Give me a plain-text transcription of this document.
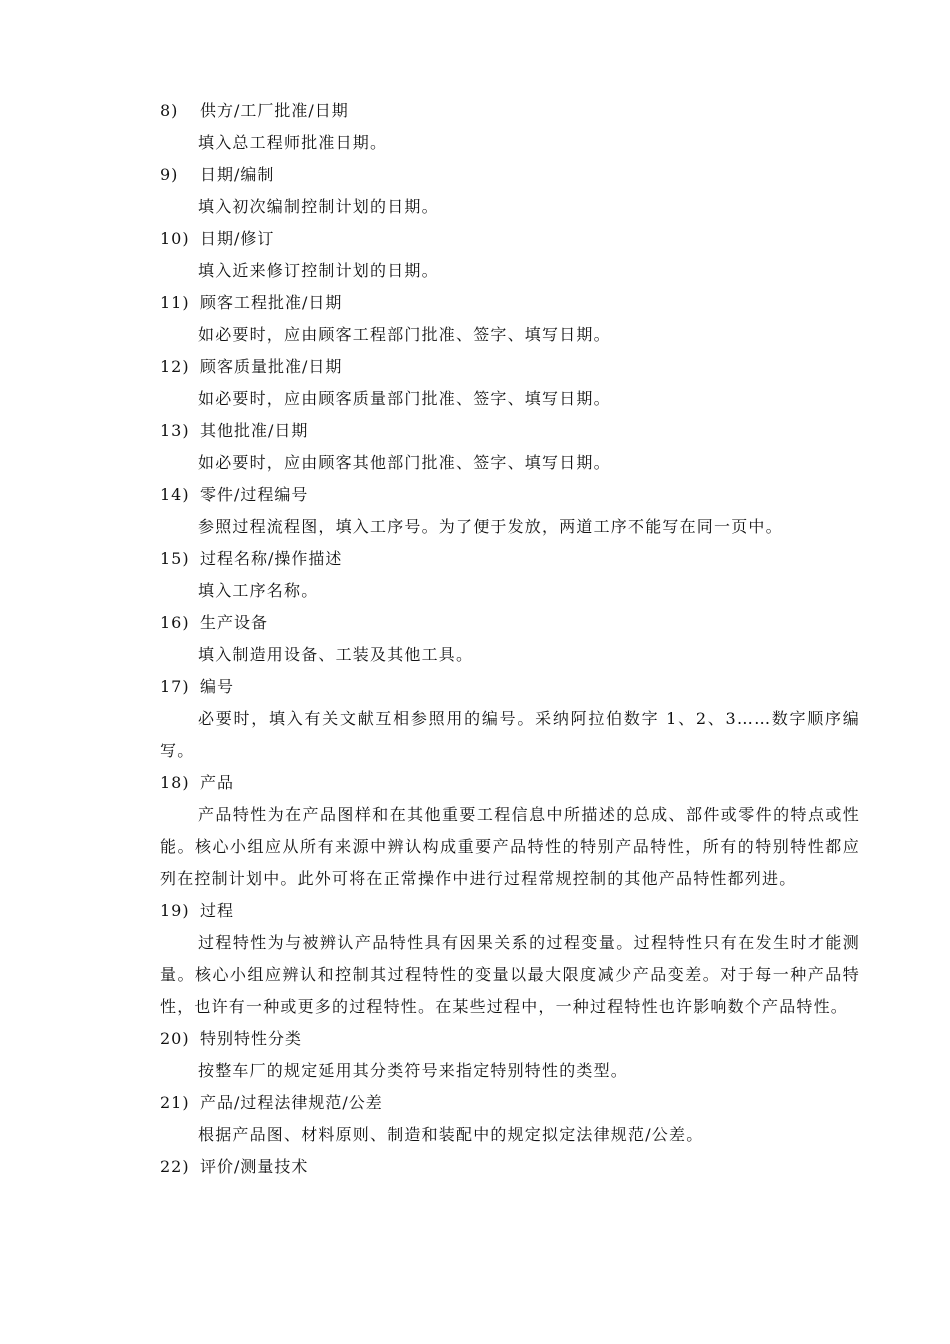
8) 供方/工厂批准/日期
填入总工程师批准日期。
9) 日期/编制
填入初次编制控制计划的日期。
10) 日期/修订
填入近来修订控制计划的日期。
11) 顾客工程批准/日期
如必要时，应由顾客工程部门批准、签字、填写日期。
12) 顾客质量批准/日期
如必要时，应由顾客质量部门批准、签字、填写日期。
13) 其他批准/日期
如必要时，应由顾客其他部门批准、签字、填写日期。
14) 零件/过程编号
参照过程流程图，填入工序号。为了便于发放，两道工序不能写在同一页中。
15) 过程名称/操作描述
填入工序名称。
16) 生产设备
填入制造用设备、工装及其他工具。
17) 编号
必要时，填入有关文献互相参照用的编号。采纳阿拉伯数字 1、2、3……数字顺序编写。
18) 产品
产品特性为在产品图样和在其他重要工程信息中所描述的总成、部件或零件的特点或性能。核心小组应从所有来源中辨认构成重要产品特性的特别产品特性，所有的特别特性都应列在控制计划中。此外可将在正常操作中进行过程常规控制的其他产品特性都列进。
19) 过程
过程特性为与被辨认产品特性具有因果关系的过程变量。过程特性只有在发生时才能测量。核心小组应辨认和控制其过程特性的变量以最大限度减少产品变差。对于每一种产品特性，也许有一种或更多的过程特性。在某些过程中，一种过程特性也许影响数个产品特性。
20) 特别特性分类
按整车厂的规定延用其分类符号来指定特别特性的类型。
21) 产品/过程法律规范/公差
根据产品图、材料原则、制造和装配中的规定拟定法律规范/公差。
22) 评价/测量技术
